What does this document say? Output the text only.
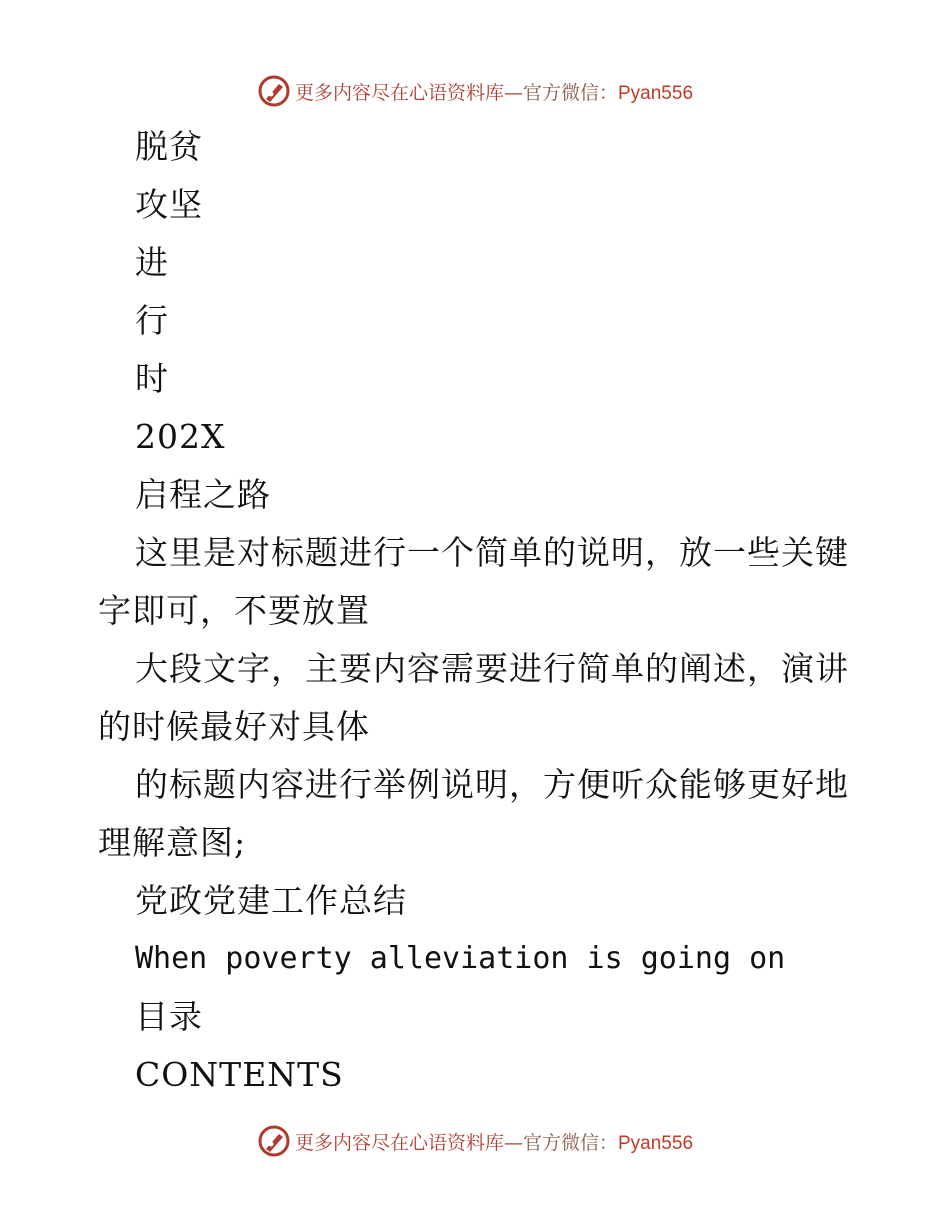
更多内容尽在心语资料库—官方微信：Pyan556
脱贫
攻坚
进
行
时
202X
启程之路
这里是对标题进行一个简单的说明，放一些关键字即可，不要放置
大段文字，主要内容需要进行简单的阐述，演讲的时候最好对具体
的标题内容进行举例说明，方便听众能够更好地理解意图;
党政党建工作总结
When poverty alleviation is going on
目录
CONTENTS
更多内容尽在心语资料库—官方微信：Pyan556
